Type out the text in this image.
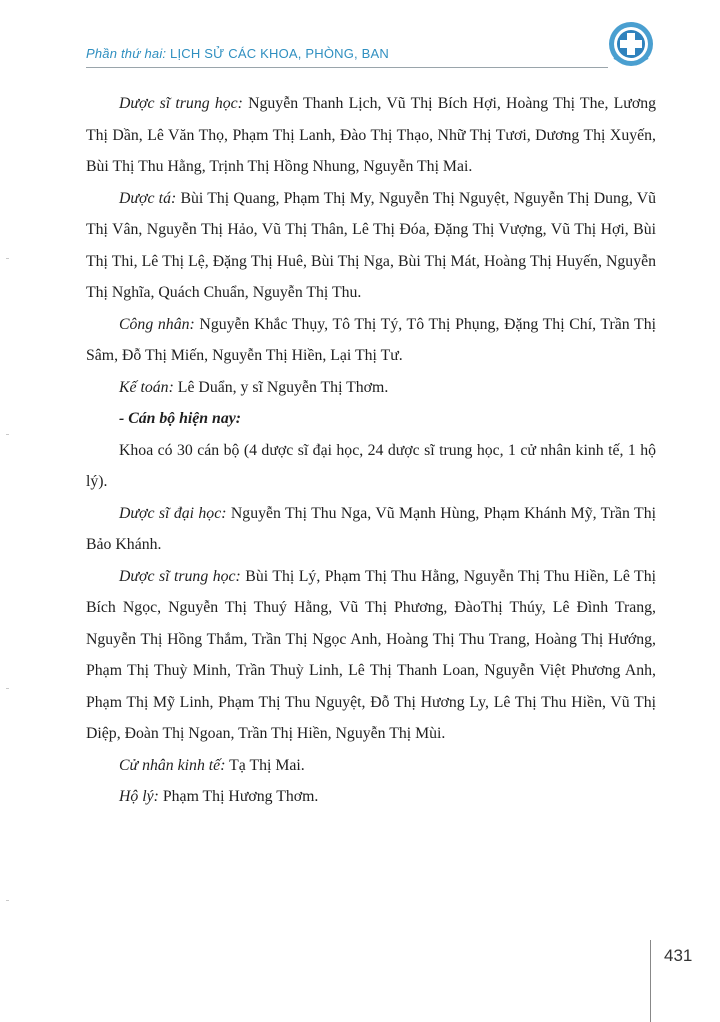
Phần thứ hai: LỊCH SỬ CÁC KHOA, PHÒNG, BAN

Dược sĩ trung học: Nguyễn Thanh Lịch, Vũ Thị Bích Hợi, Hoàng Thị The, Lương Thị Dần, Lê Văn Thọ, Phạm Thị Lanh, Đào Thị Thạo, Nhữ Thị Tươi, Dương Thị Xuyến, Bùi Thị Thu Hằng, Trịnh Thị Hồng Nhung, Nguyễn Thị Mai.

Dược tá: Bùi Thị Quang, Phạm Thị My, Nguyễn Thị Nguyệt, Nguyễn Thị Dung, Vũ Thị Vân, Nguyễn Thị Hảo, Vũ Thị Thân, Lê Thị Đóa, Đặng Thị Vượng, Vũ Thị Hợi, Bùi Thị Thi, Lê Thị Lệ, Đặng Thị Huê, Bùi Thị Nga, Bùi Thị Mát, Hoàng Thị Huyến, Nguyễn Thị Nghĩa, Quách Chuẩn, Nguyễn Thị Thu.

Công nhân: Nguyễn Khắc Thụy, Tô Thị Tý, Tô Thị Phụng, Đặng Thị Chí, Trần Thị Sâm, Đỗ Thị Miến, Nguyễn Thị Hiền, Lại Thị Tư.

Kế toán: Lê Duẩn, y sĩ Nguyễn Thị Thơm.

- Cán bộ hiện nay:

Khoa có 30 cán bộ (4 dược sĩ đại học, 24 dược sĩ trung học, 1 cử nhân kinh tế, 1 hộ lý).

Dược sĩ đại học: Nguyễn Thị Thu Nga, Vũ Mạnh Hùng, Phạm Khánh Mỹ, Trần Thị Bảo Khánh.

Dược sĩ trung học: Bùi Thị Lý, Phạm Thị Thu Hằng, Nguyễn Thị Thu Hiền, Lê Thị Bích Ngọc, Nguyễn Thị Thuý Hằng, Vũ Thị Phương, ĐàoThị Thúy, Lê Đình Trang, Nguyễn Thị Hồng Thắm, Trần Thị Ngọc Anh, Hoàng Thị Thu Trang, Hoàng Thị Hướng, Phạm Thị Thuỳ Minh, Trần Thuỳ Linh, Lê Thị Thanh Loan, Nguyễn Việt Phương Anh, Phạm Thị Mỹ Linh, Phạm Thị Thu Nguyệt, Đỗ Thị Hương Ly, Lê Thị Thu Hiền, Vũ Thị Diệp, Đoàn Thị Ngoan, Trần Thị Hiền, Nguyễn Thị Mùi.

Cử nhân kinh tế: Tạ Thị Mai.

Hộ lý: Phạm Thị Hương Thơm.

431
